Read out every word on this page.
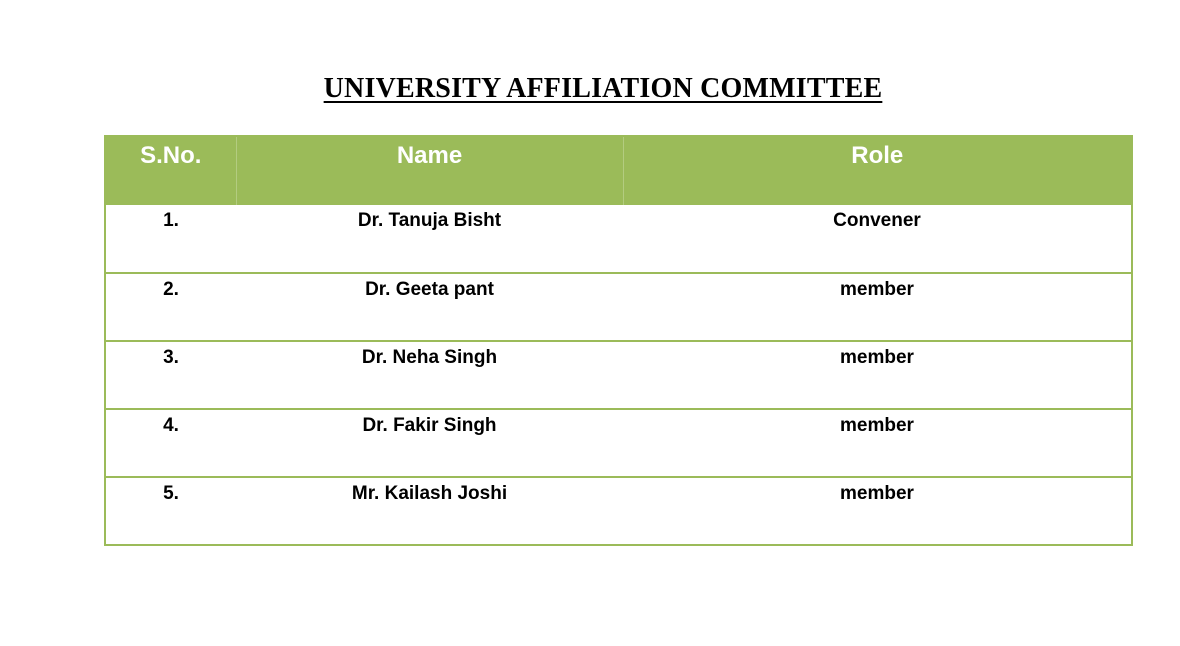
UNIVERSITY AFFILIATION COMMITTEE
S.No.	Name	Role
1.	Dr. Tanuja Bisht	Convener
2.	Dr. Geeta pant	member
3.	Dr. Neha Singh	member
4.	Dr. Fakir Singh	member
5.	Mr. Kailash Joshi	member
